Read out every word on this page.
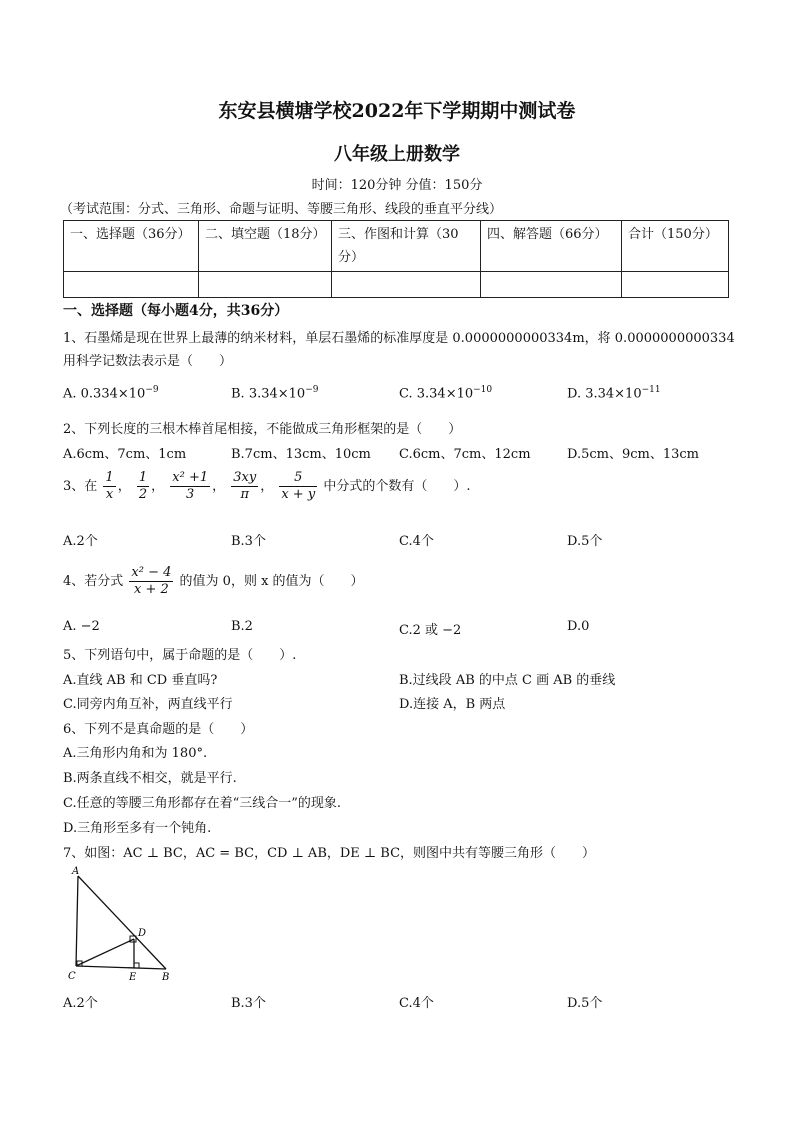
东安县横塘学校2022年下学期期中测试卷
八年级上册数学
时间：120分钟 分值：150分
（考试范围：分式、三角形、命题与证明、等腰三角形、线段的垂直平分线）
一、选择题（36分）	二、填空题（18分）	三、作图和计算（30分）	四、解答题（66分）	合计（150分）

一、选择题（每小题4分，共36分）
1、石墨烯是现在世界上最薄的纳米材料，单层石墨烯的标准厚度是 0.0000000000334m，将 0.0000000000334
用科学记数法表示是（　　）
A. $0.334\times 10^{-9}$	B. $3.34\times 10^{-9}$	C. $3.34\times 10^{-10}$	D. $3.34\times 10^{-11}$
2、下列长度的三根木棒首尾相接，不能做成三角形框架的是（　　）
A.6cm、7cm、1cm	B.7cm、13cm、10cm C.6cm、7cm、12cm	D.5cm、9cm、13cm
3、在 $\frac{1}{x}$ ， $\frac{1}{2}$ ， $\frac{\text{x² +1}}{3}$ ， $\frac{3xy}{\pi}$ ， $\frac{5}{x + y}$ 中分式的个数有（　　）.
A.2个	B.3个	C.4个	D.5个
4、若分式 $\frac{\text{x² − 4}}{x + 2}$ 的值为 0，则 x 的值为（　　）
A. −2	B.2	C.2 或 −2	D.0
5、下列语句中，属于命题的是（　　）.
A.直线 AB 和 CD 垂直吗?	B.过线段 AB 的中点 C 画 AB 的垂线
C.同旁内角互补，两直线平行	D.连接 A，B 两点
6、下列不是真命题的是（　　）
A.三角形内角和为 180°.
B.两条直线不相交，就是平行.
C.任意的等腰三角形都存在着“三线合一”的现象.
D.三角形至多有一个钝角.
7、如图：AC ⊥ BC，AC = BC，CD ⊥ AB，DE ⊥ BC，则图中共有等腰三角形（　　）
A
D
C	E	B
A.2个	B.3个	C.4个	D.5个
